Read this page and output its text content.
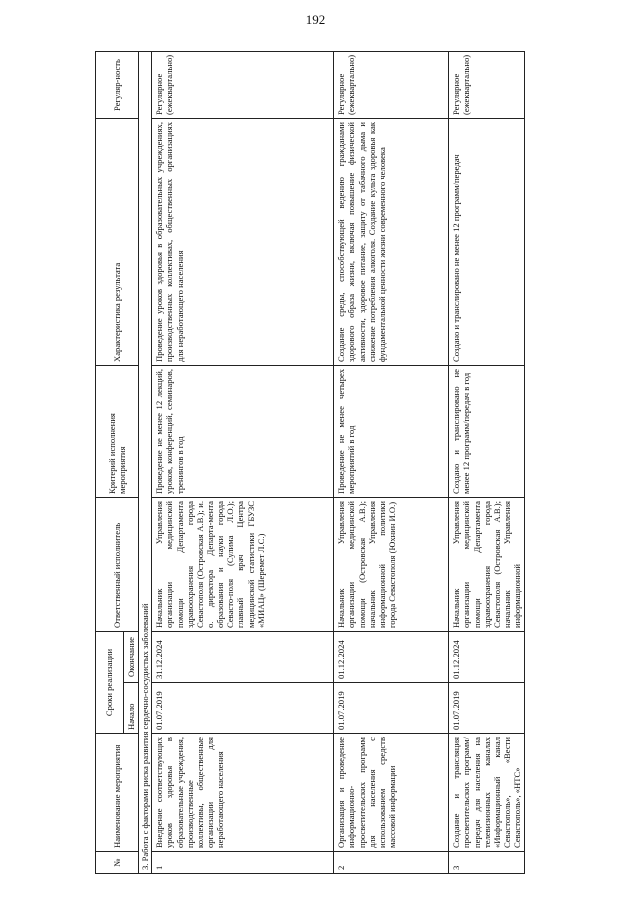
192
№	Наименование мероприятия	Сроки реализации		Ответственный исполнитель	Критерий исполнения мероприятия	Характеристика результата	Регуляр-ность
		Начало	Окончание				
3. Работа с факторами риска развития сердечно-сосудистых заболеваний							
1	Внедрение соответствующих уроков здоровья в образовательные учреждения, производственные коллективы, общественные организации для неработающего населения	01.07.2019	31.12.2024	Начальник Управления организации медицинской помощи Департамента здравоохранения города Севастополя (Островская А.В.); и. о. директора Департа-мента образования и науки города Севасто-поля (Сулима Л.О.); главный врач Центра медицинской статистики ГБУЗС «МИАЦ» (Шеремет Л.С.)	Проведение не менее 12 лекций, уроков, конференций, семинаров, тренингов в год	Проведение уроков здоровья в образовательных учреждениях, производственных коллективах, общественных организациях для неработающего населения	Регулярное (ежеквартально)
2	Организация и проведение информационно-просветительских программ для населения с использованием средств массовой информации	01.07.2019	01.12.2024	Начальник Управления организации медицинской помощи (Островская А.В.); начальник Управления информационной политики города Севастополя (Юхнин И.О.)	Проведение не менее четырех мероприятий в год	Создание среды, способствующей ведению гражданами здорового образа жизни, включая повышение физической активности, здоровое питание, защиту от табачного дыма и снижение потребления алкоголя. Создание культа здоровья как фундаментальной ценности жизни современного человека	Регулярное (ежеквартально)
3	Создание и трансляция просветительских программ/передач для населения на телевизионных каналах «Информационный канал Севастополь», «Вести Севастополь», «НТС»	01.07.2019	01.12.2024	Начальник Управления организации медицинской помощи Департамента здравоохранения города Севастополя (Островская А.В.); начальник Управления информационной	Создано и транслировано не менее 12 программ/передач в год	Создано и транслировано не менее 12 программ/передач	Регулярное (ежеквартально)
